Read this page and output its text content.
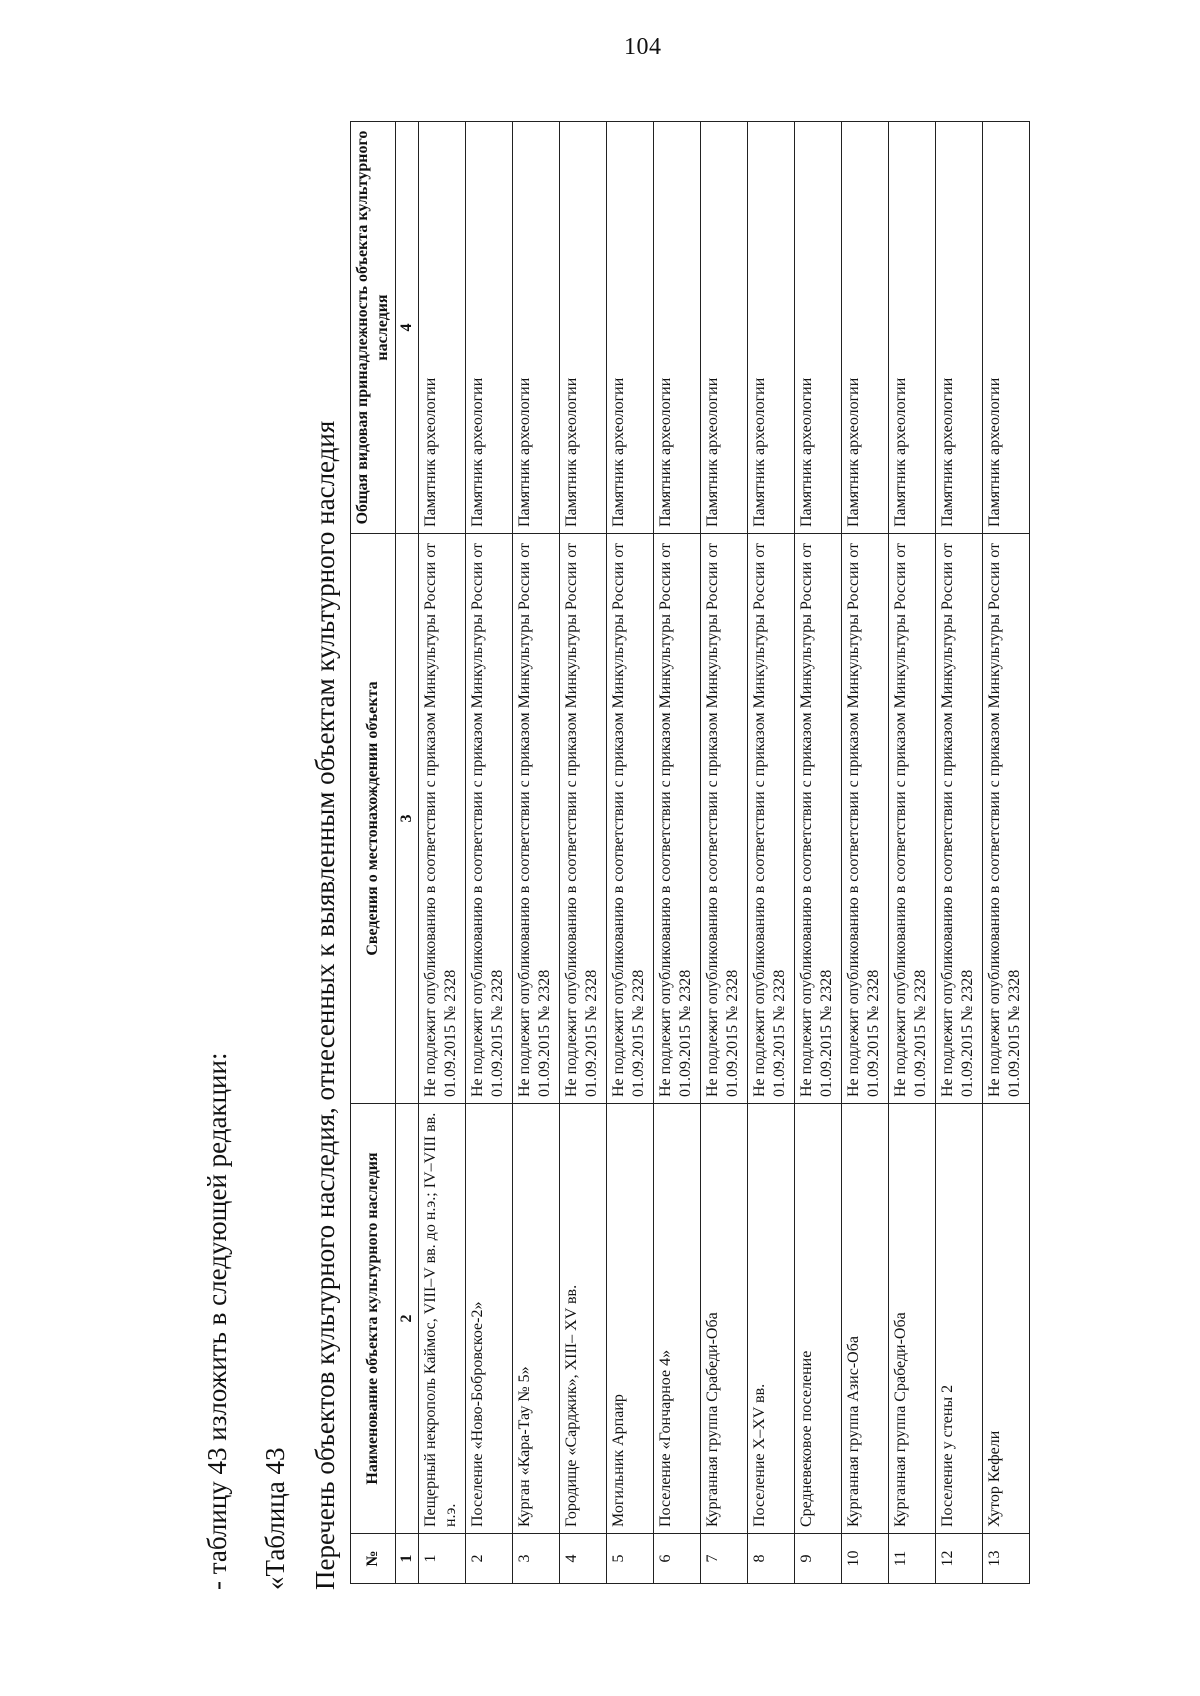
104
- таблицу 43 изложить в следующей редакции: «Таблица 43 Перечень объектов культурного наследия, отнесенных к выявленным объектам культурного наследия №	Наименование объекта культурного наследия	Сведения о местонахождении объекта	Общая видовая принадлежность объекта культурного наследия
1	2	3	4
1	Пещерный некрополь Каймос, VIII–V вв. до н.э.; IV–VIII вв. н.э.	Не подлежит опубликованию в соответствии с приказом Минкультуры России от 01.09.2015 № 2328	Памятник археологии
2	Поселение «Ново-Бобровское-2»	Не подлежит опубликованию в соответствии с приказом Минкультуры России от 01.09.2015 № 2328	Памятник археологии
3	Курган «Кара-Тау № 5»	Не подлежит опубликованию в соответствии с приказом Минкультуры России от 01.09.2015 № 2328	Памятник археологии
4	Городище «Сарджик», XIII– XV вв.	Не подлежит опубликованию в соответствии с приказом Минкультуры России от 01.09.2015 № 2328	Памятник археологии
5	Могильник Арпаир	Не подлежит опубликованию в соответствии с приказом Минкультуры России от 01.09.2015 № 2328	Памятник археологии
6	Поселение «Гончарное 4»	Не подлежит опубликованию в соответствии с приказом Минкультуры России от 01.09.2015 № 2328	Памятник археологии
7	Курганная группа Срабеди-Оба	Не подлежит опубликованию в соответствии с приказом Минкультуры России от 01.09.2015 № 2328	Памятник археологии
8	Поселение X–XV вв.	Не подлежит опубликованию в соответствии с приказом Минкультуры России от 01.09.2015 № 2328	Памятник археологии
9	Средневековое поселение	Не подлежит опубликованию в соответствии с приказом Минкультуры России от 01.09.2015 № 2328	Памятник археологии
10	Курганная группа Азис-Оба	Не подлежит опубликованию в соответствии с приказом Минкультуры России от 01.09.2015 № 2328	Памятник археологии
11	Курганная группа Срабеди-Оба	Не подлежит опубликованию в соответствии с приказом Минкультуры России от 01.09.2015 № 2328	Памятник археологии
12	Поселение у стены 2	Не подлежит опубликованию в соответствии с приказом Минкультуры России от 01.09.2015 № 2328	Памятник археологии
13	Хутор Кефели	Не подлежит опубликованию в соответствии с приказом Минкультуры России от 01.09.2015 № 2328	Памятник археологии
